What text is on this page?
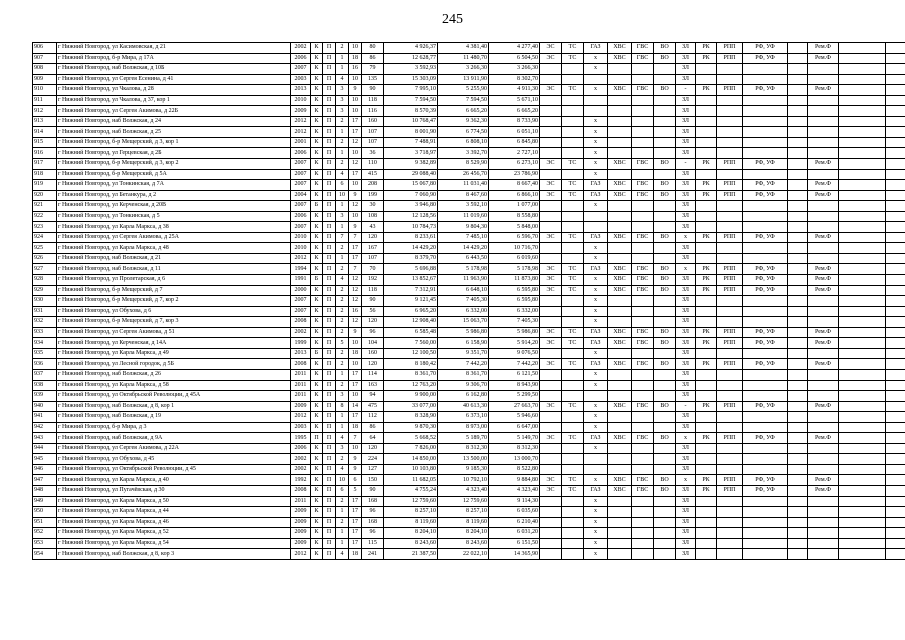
245
906	г Нижний Новгород, ул Касимовская, д 21	2002	К	П	2	10	80	4 926,37	4 381,40	4 277,40	ЭС	ТС	ГАЗ	ХВС	ГВС	ВО	ЗЛ	РК	РПП	РФ, УФ		Рем.Ф		
907	г Нижний Новгород, б-р Мира, д 17А	2006	К	П	1	18	86	12 628,77	11 480,70	6 504,50	ЭС	ТС	х	ХВС	ГВС	ВО	ЗЛ	РК	РПП	РФ, УФ		Рем.Ф		
908	г Нижний Новгород, наб Волжская, д 10Б	2007	К	П	1	16	79	3 592,93	3 266,30	3 266,30			х				ЗЛ							
909	г Нижний Новгород, ул Сергея Есенина, д 41	2003	К	П	4	10	135	15 303,09	13 911,90	8 302,70							ЗЛ							
910	г Нижний Новгород, ул Чкалова, д 28	2013	К	П	3	9	90	7 995,10	5 255,90	4 911,30	ЭС	ТС	х	ХВС	ГВС	ВО	-	РК	РПП	РФ, УФ		Рем.Ф		
911	г Нижний Новгород, ул Чкалова, д 37, кор 1	2010	К	П	3	10	118	7 594,50	7 594,50	5 671,10							ЗЛ							
912	г Нижний Новгород, ул Сергея Акимова, д 22Б	2009	К	П	3	10	116	8 570,39	6 665,20	6 665,20							ЗЛ							
913	г Нижний Новгород, наб Волжская, д 24	2012	К	П	2	17	160	10 768,47	9 362,30	8 733,90			х				ЗЛ							
914	г Нижний Новгород, наб Волжская, д 25	2012	К	П	1	17	107	8 001,90	6 774,50	6 051,10			х				ЗЛ							
915	г Нижний Новгород, б-р Мещерский, д 3, кор 1	2001	К	П	2	12	107	7 488,91	6 808,10	6 845,80			х				ЗЛ							
916	г Нижний Новгород, ул Герцевская, д 2Б	2006	К	П	1	10	36	3 718,97	3 392,70	2 727,10			х				ЗЛ							
917	г Нижний Новгород, б-р Мещерский, д 3, кор 2	2007	К	П	2	12	110	9 382,89	8 529,90	6 273,10	ЭС	ТС	х	ХВС	ГВС	ВО	-	РК	РПП	РФ, УФ		Рем.Ф		
918	г Нижний Новгород, б-р Мещерский, д 5А	2007	К	П	4	17	415	29 088,40	26 456,70	23 786,90			х				ЗЛ							
919	г Нижний Новгород, ул Тонкинская, д 7А	2007	К	П	6	10	208	15 067,80	11 031,40	8 667,40	ЭС	ТС	ГАЗ	ХВС	ГВС	ВО	ЗЛ	РК	РПП	РФ, УФ		Рем.Ф		
920	г Нижний Новгород, ул Бетанкура, д 2	2004	К	П	10	9	199	7 060,90	8 467,60	6 866,10	ЭС	ТС	ГАЗ	ХВС	ГВС	ВО	ЗЛ	РК	РПП	РФ, УФ		Рем.Ф		
921	г Нижний Новгород, ул Керченская, д 20В	2007	Б	П	1	12	30	3 946,80	3 592,10	1 077,00			х				ЗЛ							
922	г Нижний Новгород, ул Тонкинская, д 5	2006	К	П	3	10	108	12 128,56	11 019,60	8 558,80							ЗЛ							
923	г Нижний Новгород, ул Карла Маркса, д 38	2007	К	П	1	9	43	10 784,73	9 804,30	5 848,00							ЗЛ							
924	г Нижний Новгород, ул Сергея Акимова, д 25А	2010	К	П	7	7	120	8 233,61	7 485,10	6 596,70	ЭС	ТС	ГАЗ	ХВС	ГВС	ВО	х	РК	РПП	РФ, УФ		Рем.Ф		
925	г Нижний Новгород, ул Карла Маркса, д 48	2010	К	П	2	17	167	14 429,20	14 429,20	10 716,70			х				ЗЛ							
926	г Нижний Новгород, наб Волжская, д 21	2012	К	П	1	17	107	8 379,70	6 443,50	6 019,60			х				ЗЛ							
927	г Нижний Новгород, наб Волжская, д 11	1994	К	П	2	7	70	5 696,88	5 178,98	5 178,98	ЭС	ТС	ГАЗ	ХВС	ГВС	ВО	х	РК	РПП	РФ, УФ		Рем.Ф		
928	г Нижний Новгород, ул Пролетарская, д 6	1991	Б	П	4	12	192	13 852,67	11 963,90	11 873,80	ЭС	ТС	х	ХВС	ГВС	ВО	ЗЛ	РК	РПП	РФ, УФ		Рем.Ф		
929	г Нижний Новгород, б-р Мещерский, д 7	2000	К	П	2	12	118	7 312,91	6 648,10	6 595,80	ЭС	ТС	х	ХВС	ГВС	ВО	ЗЛ	РК	РПП	РФ, УФ		Рем.Ф		
930	г Нижний Новгород, б-р Мещерский, д 7, кор 2	2007	К	П	2	12	90	9 121,45	7 405,30	6 595,80			х				ЗЛ							
931	г Нижний Новгород, ул Обухова, д 6	2007	К	П	2	16	56	6 965,20	6 332,00	6 332,00			х				ЗЛ							
932	г Нижний Новгород, б-р Мещерский, д 7, кор 3	2008	К	П	2	12	120	12 908,40	15 063,70	7 405,30			х				ЗЛ							
933	г Нижний Новгород, ул Сергея Акимова, д 51	2002	К	П	2	9	96	6 585,48	5 986,80	5 986,80	ЭС	ТС	ГАЗ	ХВС	ГВС	ВО	ЗЛ	РК	РПП	РФ, УФ		Рем.Ф		
934	г Нижний Новгород, ул Керченская, д 14А	1999	К	П	5	10	104	7 560,00	6 158,90	5 914,20	ЭС	ТС	ГАЗ	ХВС	ГВС	ВО	ЗЛ	РК	РПП	РФ, УФ		Рем.Ф		
935	г Нижний Новгород, ул Карла Маркса, д 49	2013	Б	П	2	18	160	12 100,50	9 351,70	9 076,50			х				ЗЛ							
936	г Нижний Новгород, ул Лесной городок, д 5Б	2008	К	П	2	10	120	8 180,42	7 442,20	7 442,20	ЭС	ТС	ГАЗ	ХВС	ГВС	ВО	ЗЛ	РК	РПП	РФ, УФ		Рем.Ф		
937	г Нижний Новгород, наб Волжская, д 26	2011	К	П	1	17	114	8 361,70	8 361,70	6 121,50			х				ЗЛ							
938	г Нижний Новгород, ул Карла Маркса, д 58	2011	К	П	2	17	163	12 763,20	9 306,70	8 943,90			х				ЗЛ							
939	г Нижний Новгород, ул Октябрьской Революции, д 45А	2011	К	П	3	10	94	9 900,00	6 162,80	5 299,50							ЗЛ							
940	г Нижний Новгород, наб Волжская, д 8, кор 1	2009	К	П	8	14	475	33 077,00	40 613,30	27 663,70	ЭС	ТС	х	ХВС	ГВС	ВО	-	РК	РПП	РФ, УФ		Рем.Ф		
941	г Нижний Новгород, наб Волжская, д 19	2012	К	П	1	17	112	8 328,90	6 373,10	5 946,60			х				ЗЛ							
942	г Нижний Новгород, б-р Мира, д 3	2003	К	П	1	18	86	9 870,30	8 973,00	6 647,00			х				ЗЛ							
943	г Нижний Новгород, наб Волжская, д 9А	1995	П	П	4	7	64	5 668,52	5 189,70	5 149,70	ЭС	ТС	ГАЗ	ХВС	ГВС	ВО	х	РК	РПП	РФ, УФ		Рем.Ф		
944	г Нижний Новгород, ул Сергея Акимова, д 22А	2006	К	П	3	10	120	7 826,00	8 312,30	8 312,30			х				ЗЛ							
945	г Нижний Новгород, ул Обухова, д 45	2002	К	П	2	9	224	14 850,00	13 500,00	13 000,70							ЗЛ							
946	г Нижний Новгород, ул Октябрьской Революции, д 45	2002	К	П	4	9	127	10 103,80	9 185,30	8 522,80							ЗЛ							
947	г Нижний Новгород, ул Карла Маркса, д 40	1992	К	П	10	6	150	11 682,05	10 792,10	9 884,80	ЭС	ТС	х	ХВС	ГВС	ВО	х	РК	РПП	РФ, УФ		Рем.Ф		
948	г Нижний Новгород, ул Пугачёвская, д 30	2008	К	П	6	5	90	4 755,24	4 323,40	4 323,40	ЭС	ТС	ГАЗ	ХВС	ГВС	ВО	ЗЛ	РК	РПП	РФ, УФ		Рем.Ф		
949	г Нижний Новгород, ул Карла Маркса, д 50	2011	К	П	2	17	168	12 759,60	12 759,60	9 114,30			х				ЗЛ							
950	г Нижний Новгород, ул Карла Маркса, д 44	2009	К	П	1	17	96	8 257,10	8 257,10	6 035,60			х				ЗЛ							
951	г Нижний Новгород, ул Карла Маркса, д 46	2009	К	П	2	17	168	8 119,60	8 119,60	6 210,40			х				ЗЛ							
952	г Нижний Новгород, ул Карла Маркса, д 52	2009	К	П	1	17	96	8 204,10	8 204,10	6 031,20			х				ЗЛ							
953	г Нижний Новгород, ул Карла Маркса, д 54	2009	К	П	1	17	115	8 243,60	8 243,60	6 151,50			х				ЗЛ							
954	г Нижний Новгород, наб Волжская, д 8, кор 3	2012	К	П	4	18	241	21 387,50	22 022,10	14 365,90			х				ЗЛ							
